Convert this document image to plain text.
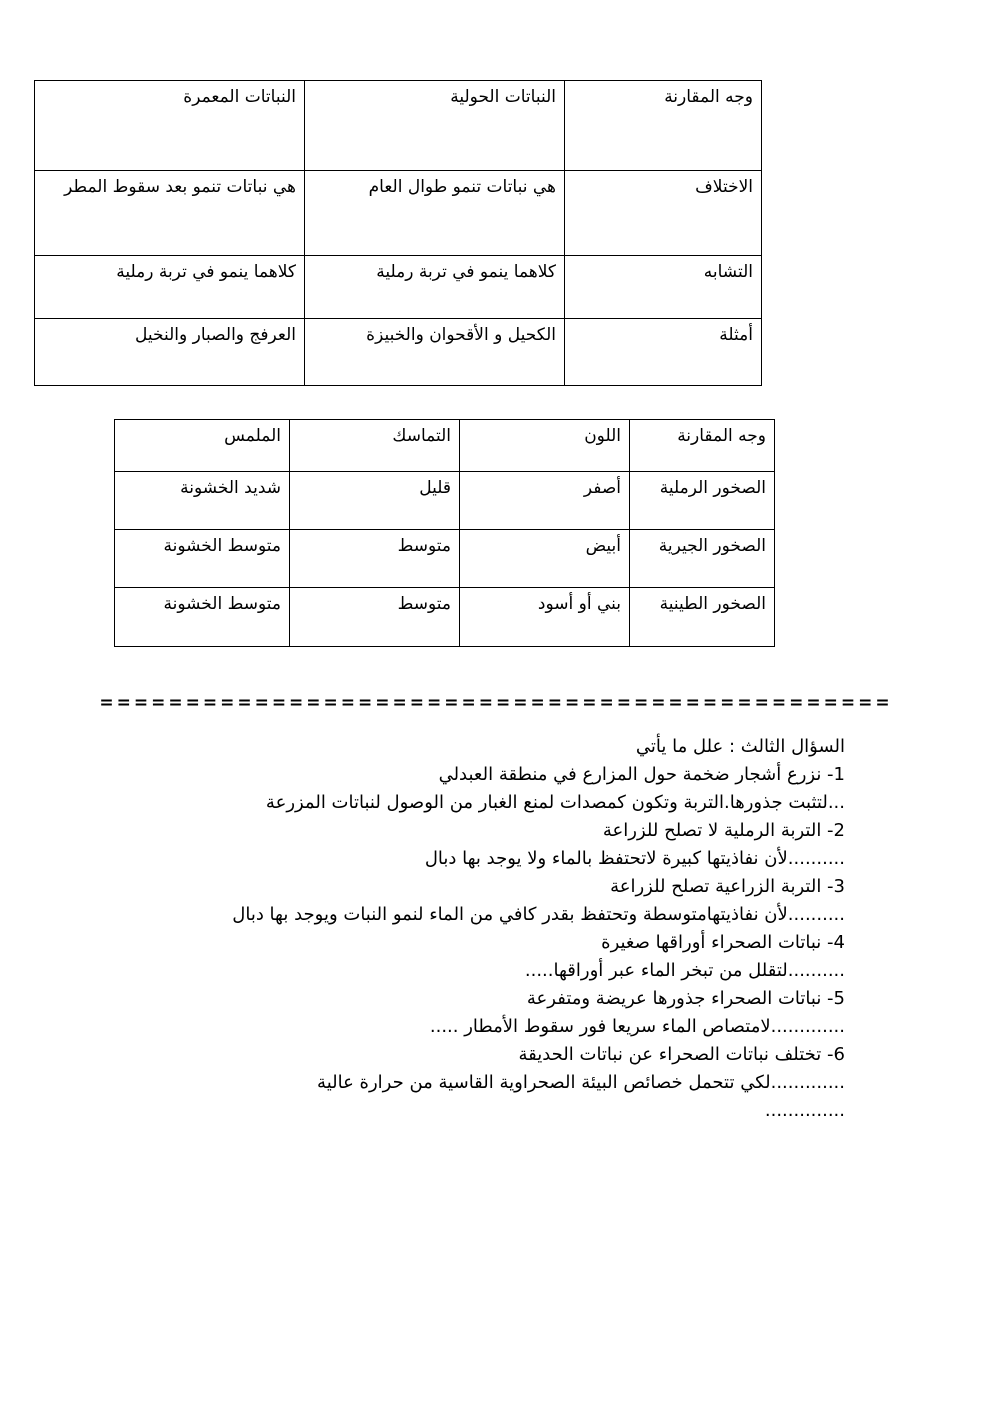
وجه المقارنة	النباتات الحولية	النباتات المعمرة
الاختلاف	هي نباتات تنمو طوال العام	هي نباتات تنمو بعد سقوط المطر
التشابه	كلاهما ينمو في تربة رملية	كلاهما ينمو في تربة رملية
أمثلة	الكحيل و الأقحوان والخبيزة	العرفج والصبار والنخيل
وجه المقارنة	اللون	التماسك	الملمس
الصخور الرملية	أصفر	قليل	شديد الخشونة
الصخور الجيرية	أبيض	متوسط	متوسط الخشونة
الصخور الطينية	بني أو أسود	متوسط	متوسط الخشونة
==============================================

السؤال الثالث : علل ما يأتي

1- نزرع أشجار ضخمة حول المزارع في منطقة العبدلي

...لتثبت جذورها.التربة وتكون كمصدات لمنع الغبار من الوصول لنباتات المزرعة

2- التربة الرملية لا تصلح للزراعة

..........لأن نفاذيتها كبيرة لاتحتفظ بالماء ولا يوجد بها دبال

3- التربة الزراعية تصلح للزراعة

..........لأن نفاذيتهامتوسطة وتحتفظ بقدر كافي من الماء لنمو النبات ويوجد بها دبال

4- نباتات الصحراء أوراقها صغيرة

..........لتقلل من تبخر الماء عبر أوراقها.....

5- نباتات الصحراء جذورها عريضة ومتفرعة

.............لامتصاص الماء سريعا فور سقوط الأمطار .....

6- تختلف نباتات الصحراء عن نباتات الحديقة

.............لكي تتحمل خصائص البيئة الصحراوية القاسية من حرارة عالية

..............
